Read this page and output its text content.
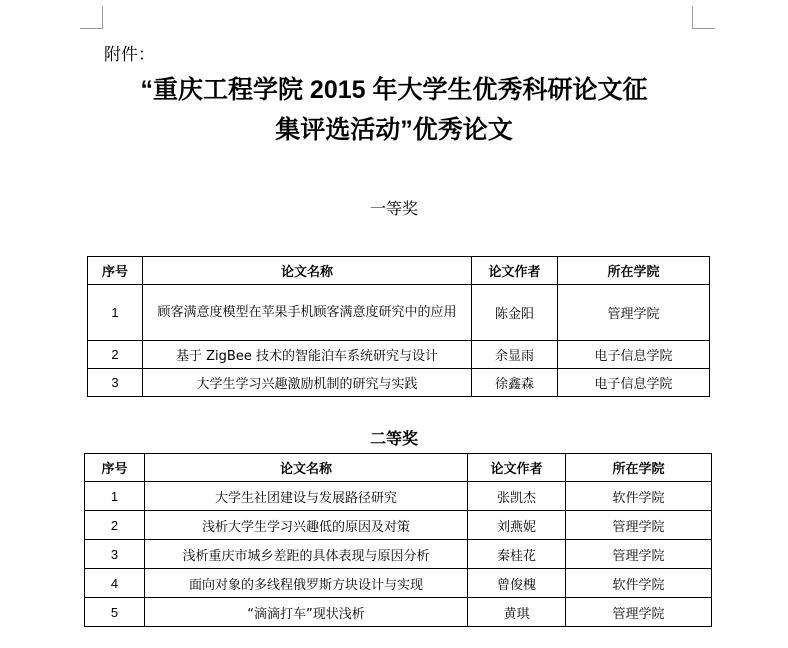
附件：
“重庆工程学院 2015 年大学生优秀科研论文征
集评选活动”优秀论文
一等奖
序号	论文名称	论文作者	所在学院
1	顾客满意度模型在苹果手机顾客满意度研究中的应用	陈金阳	管理学院
2	基于 ZigBee 技术的智能泊车系统研究与设计	余显雨	电子信息学院
3	大学生学习兴趣激励机制的研究与实践	徐鑫森	电子信息学院
二等奖
序号	论文名称	论文作者	所在学院
1	大学生社团建设与发展路径研究	张凯杰	软件学院
2	浅析大学生学习兴趣低的原因及对策	刘燕妮	管理学院
3	浅析重庆市城乡差距的具体表现与原因分析	秦桂花	管理学院
4	面向对象的多线程俄罗斯方块设计与实现	曾俊槐	软件学院
5	“滴滴打车”现状浅析	黄琪	管理学院
